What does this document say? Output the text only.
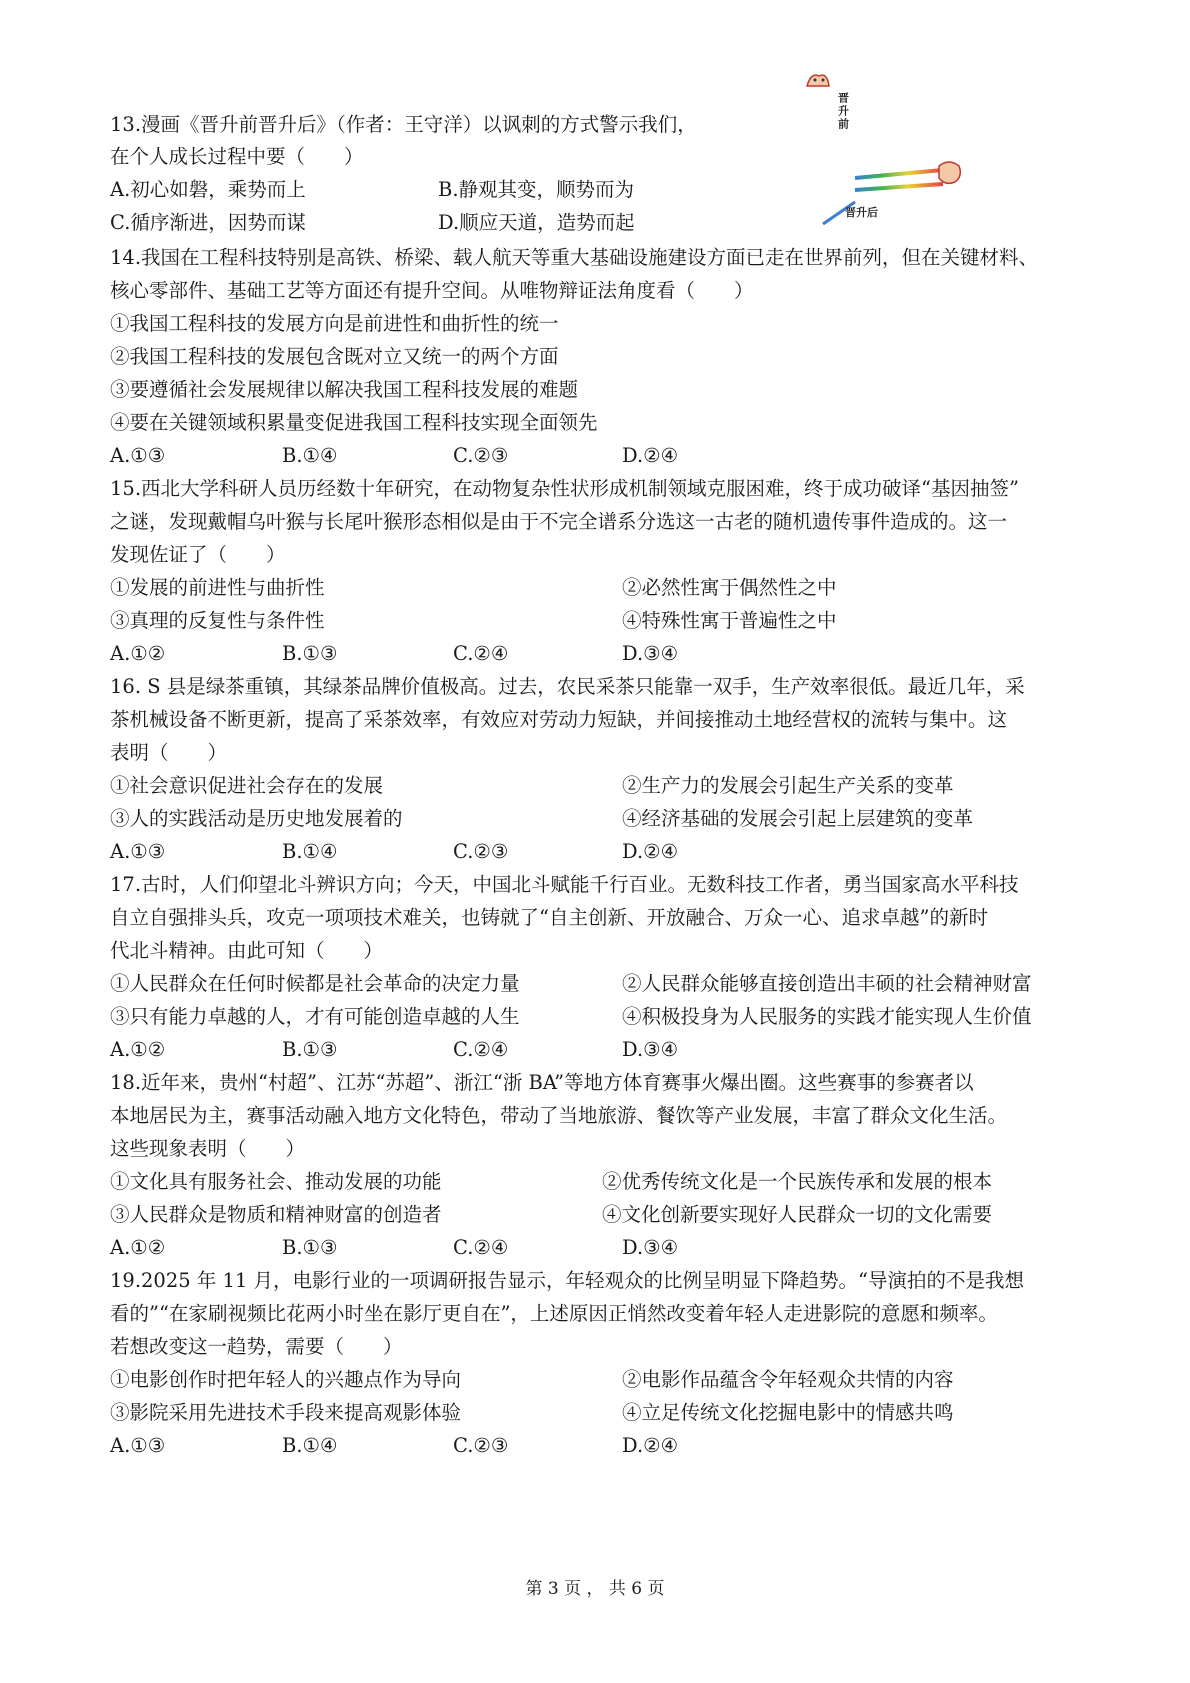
13.漫画《晋升前晋升后》（作者：王守洋）以讽刺的方式警示我们，
在个人成长过程中要（　　）
A.初心如磐，乘势而上	B.静观其变，顺势而为
C.循序渐进，因势而谋	D.顺应天道，造势而起
晋升前
晋升后
14.我国在工程科技特别是高铁、桥梁、载人航天等重大基础设施建设方面已走在世界前列，但在关键材料、
核心零部件、基础工艺等方面还有提升空间。从唯物辩证法角度看（　　）
①我国工程科技的发展方向是前进性和曲折性的统一
②我国工程科技的发展包含既对立又统一的两个方面
③要遵循社会发展规律以解决我国工程科技发展的难题
④要在关键领域积累量变促进我国工程科技实现全面领先
A.①③	B.①④	C.②③	D.②④
15.西北大学科研人员历经数十年研究，在动物复杂性状形成机制领域克服困难，终于成功破译“基因抽签”
之谜，发现戴帽乌叶猴与长尾叶猴形态相似是由于不完全谱系分选这一古老的随机遗传事件造成的。这一
发现佐证了（　　）
①发展的前进性与曲折性	②必然性寓于偶然性之中
③真理的反复性与条件性	④特殊性寓于普遍性之中
A.①②	B.①③	C.②④	D.③④
16. S 县是绿茶重镇，其绿茶品牌价值极高。过去，农民采茶只能靠一双手，生产效率很低。最近几年，采
茶机械设备不断更新，提高了采茶效率，有效应对劳动力短缺，并间接推动土地经营权的流转与集中。这
表明（　　）
①社会意识促进社会存在的发展	②生产力的发展会引起生产关系的变革
③人的实践活动是历史地发展着的	④经济基础的发展会引起上层建筑的变革
A.①③	B.①④	C.②③	D.②④
17.古时，人们仰望北斗辨识方向；今天，中国北斗赋能千行百业。无数科技工作者，勇当国家高水平科技
自立自强排头兵，攻克一项项技术难关，也铸就了“自主创新、开放融合、万众一心、追求卓越”的新时
代北斗精神。由此可知（　　）
①人民群众在任何时候都是社会革命的决定力量	②人民群众能够直接创造出丰硕的社会精神财富
③只有能力卓越的人，才有可能创造卓越的人生	④积极投身为人民服务的实践才能实现人生价值
A.①②	B.①③	C.②④	D.③④
18.近年来，贵州“村超”、江苏“苏超”、浙江“浙 BA”等地方体育赛事火爆出圈。这些赛事的参赛者以
本地居民为主，赛事活动融入地方文化特色，带动了当地旅游、餐饮等产业发展，丰富了群众文化生活。
这些现象表明（　　）
①文化具有服务社会、推动发展的功能	②优秀传统文化是一个民族传承和发展的根本
③人民群众是物质和精神财富的创造者	④文化创新要实现好人民群众一切的文化需要
A.①②	B.①③	C.②④	D.③④
19.2025 年 11 月，电影行业的一项调研报告显示，年轻观众的比例呈明显下降趋势。“导演拍的不是我想
看的”“在家刷视频比花两小时坐在影厅更自在”，上述原因正悄然改变着年轻人走进影院的意愿和频率。
若想改变这一趋势，需要（　　）
①电影创作时把年轻人的兴趣点作为导向	②电影作品蕴含令年轻观众共情的内容
③影院采用先进技术手段来提高观影体验	④立足传统文化挖掘电影中的情感共鸣
A.①③	B.①④	C.②③	D.②④
第 3 页 ， 共 6 页
